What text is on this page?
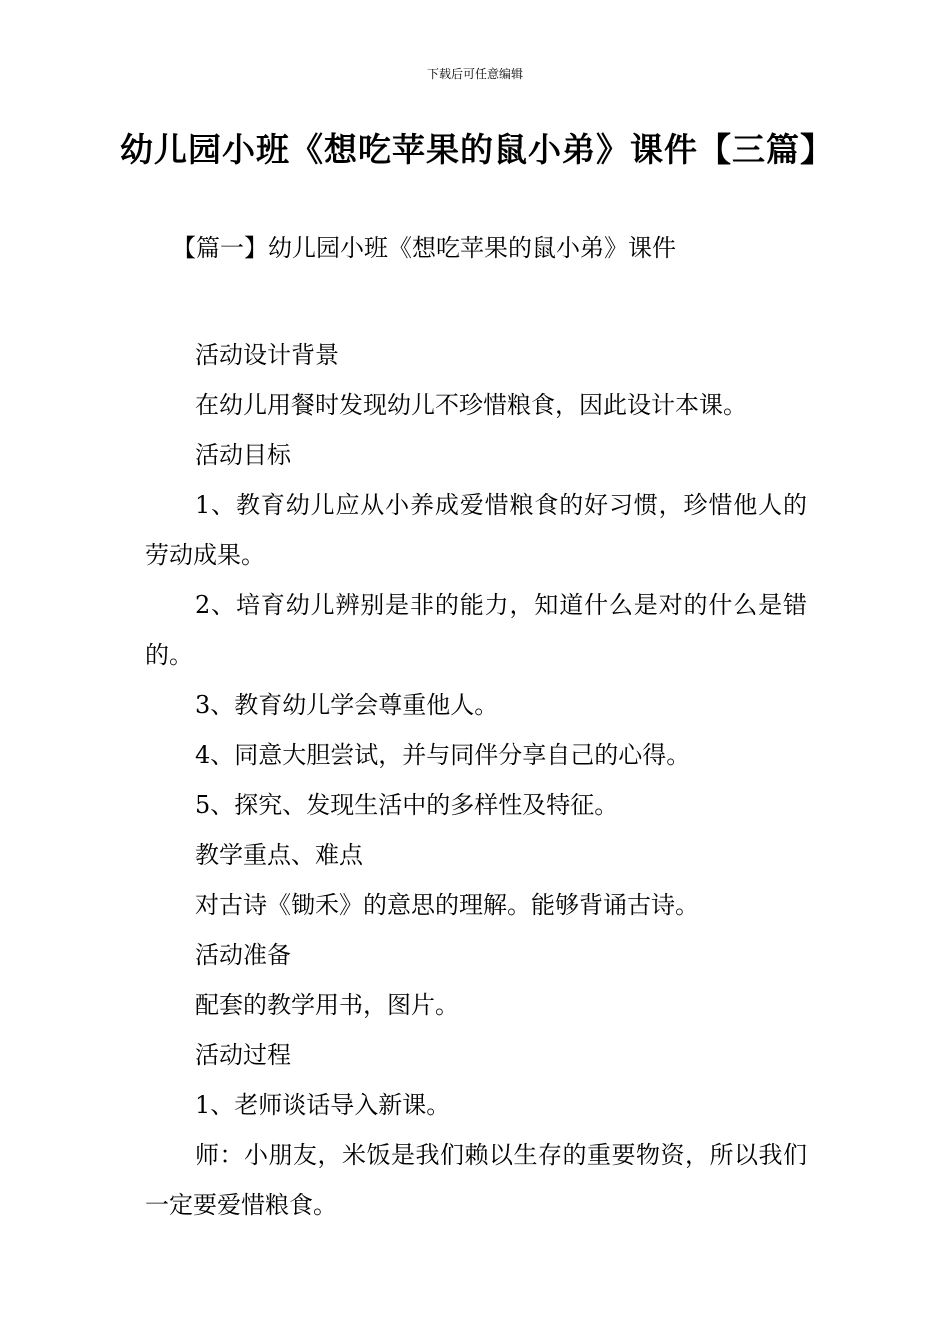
下载后可任意编辑
幼儿园小班《想吃苹果的鼠小弟》课件【三篇】
【篇一】幼儿园小班《想吃苹果的鼠小弟》课件

活动设计背景

在幼儿用餐时发现幼儿不珍惜粮食，因此设计本课。

活动目标

1、教育幼儿应从小养成爱惜粮食的好习惯，珍惜他人的劳动成果。

2、培育幼儿辨别是非的能力，知道什么是对的什么是错的。

3、教育幼儿学会尊重他人。

4、同意大胆尝试，并与同伴分享自己的心得。

5、探究、发现生活中的多样性及特征。

教学重点、难点

对古诗《锄禾》的意思的理解。能够背诵古诗。

活动准备

配套的教学用书，图片。

活动过程

1、老师谈话导入新课。

师：小朋友，米饭是我们赖以生存的重要物资，所以我们一定要爱惜粮食。
